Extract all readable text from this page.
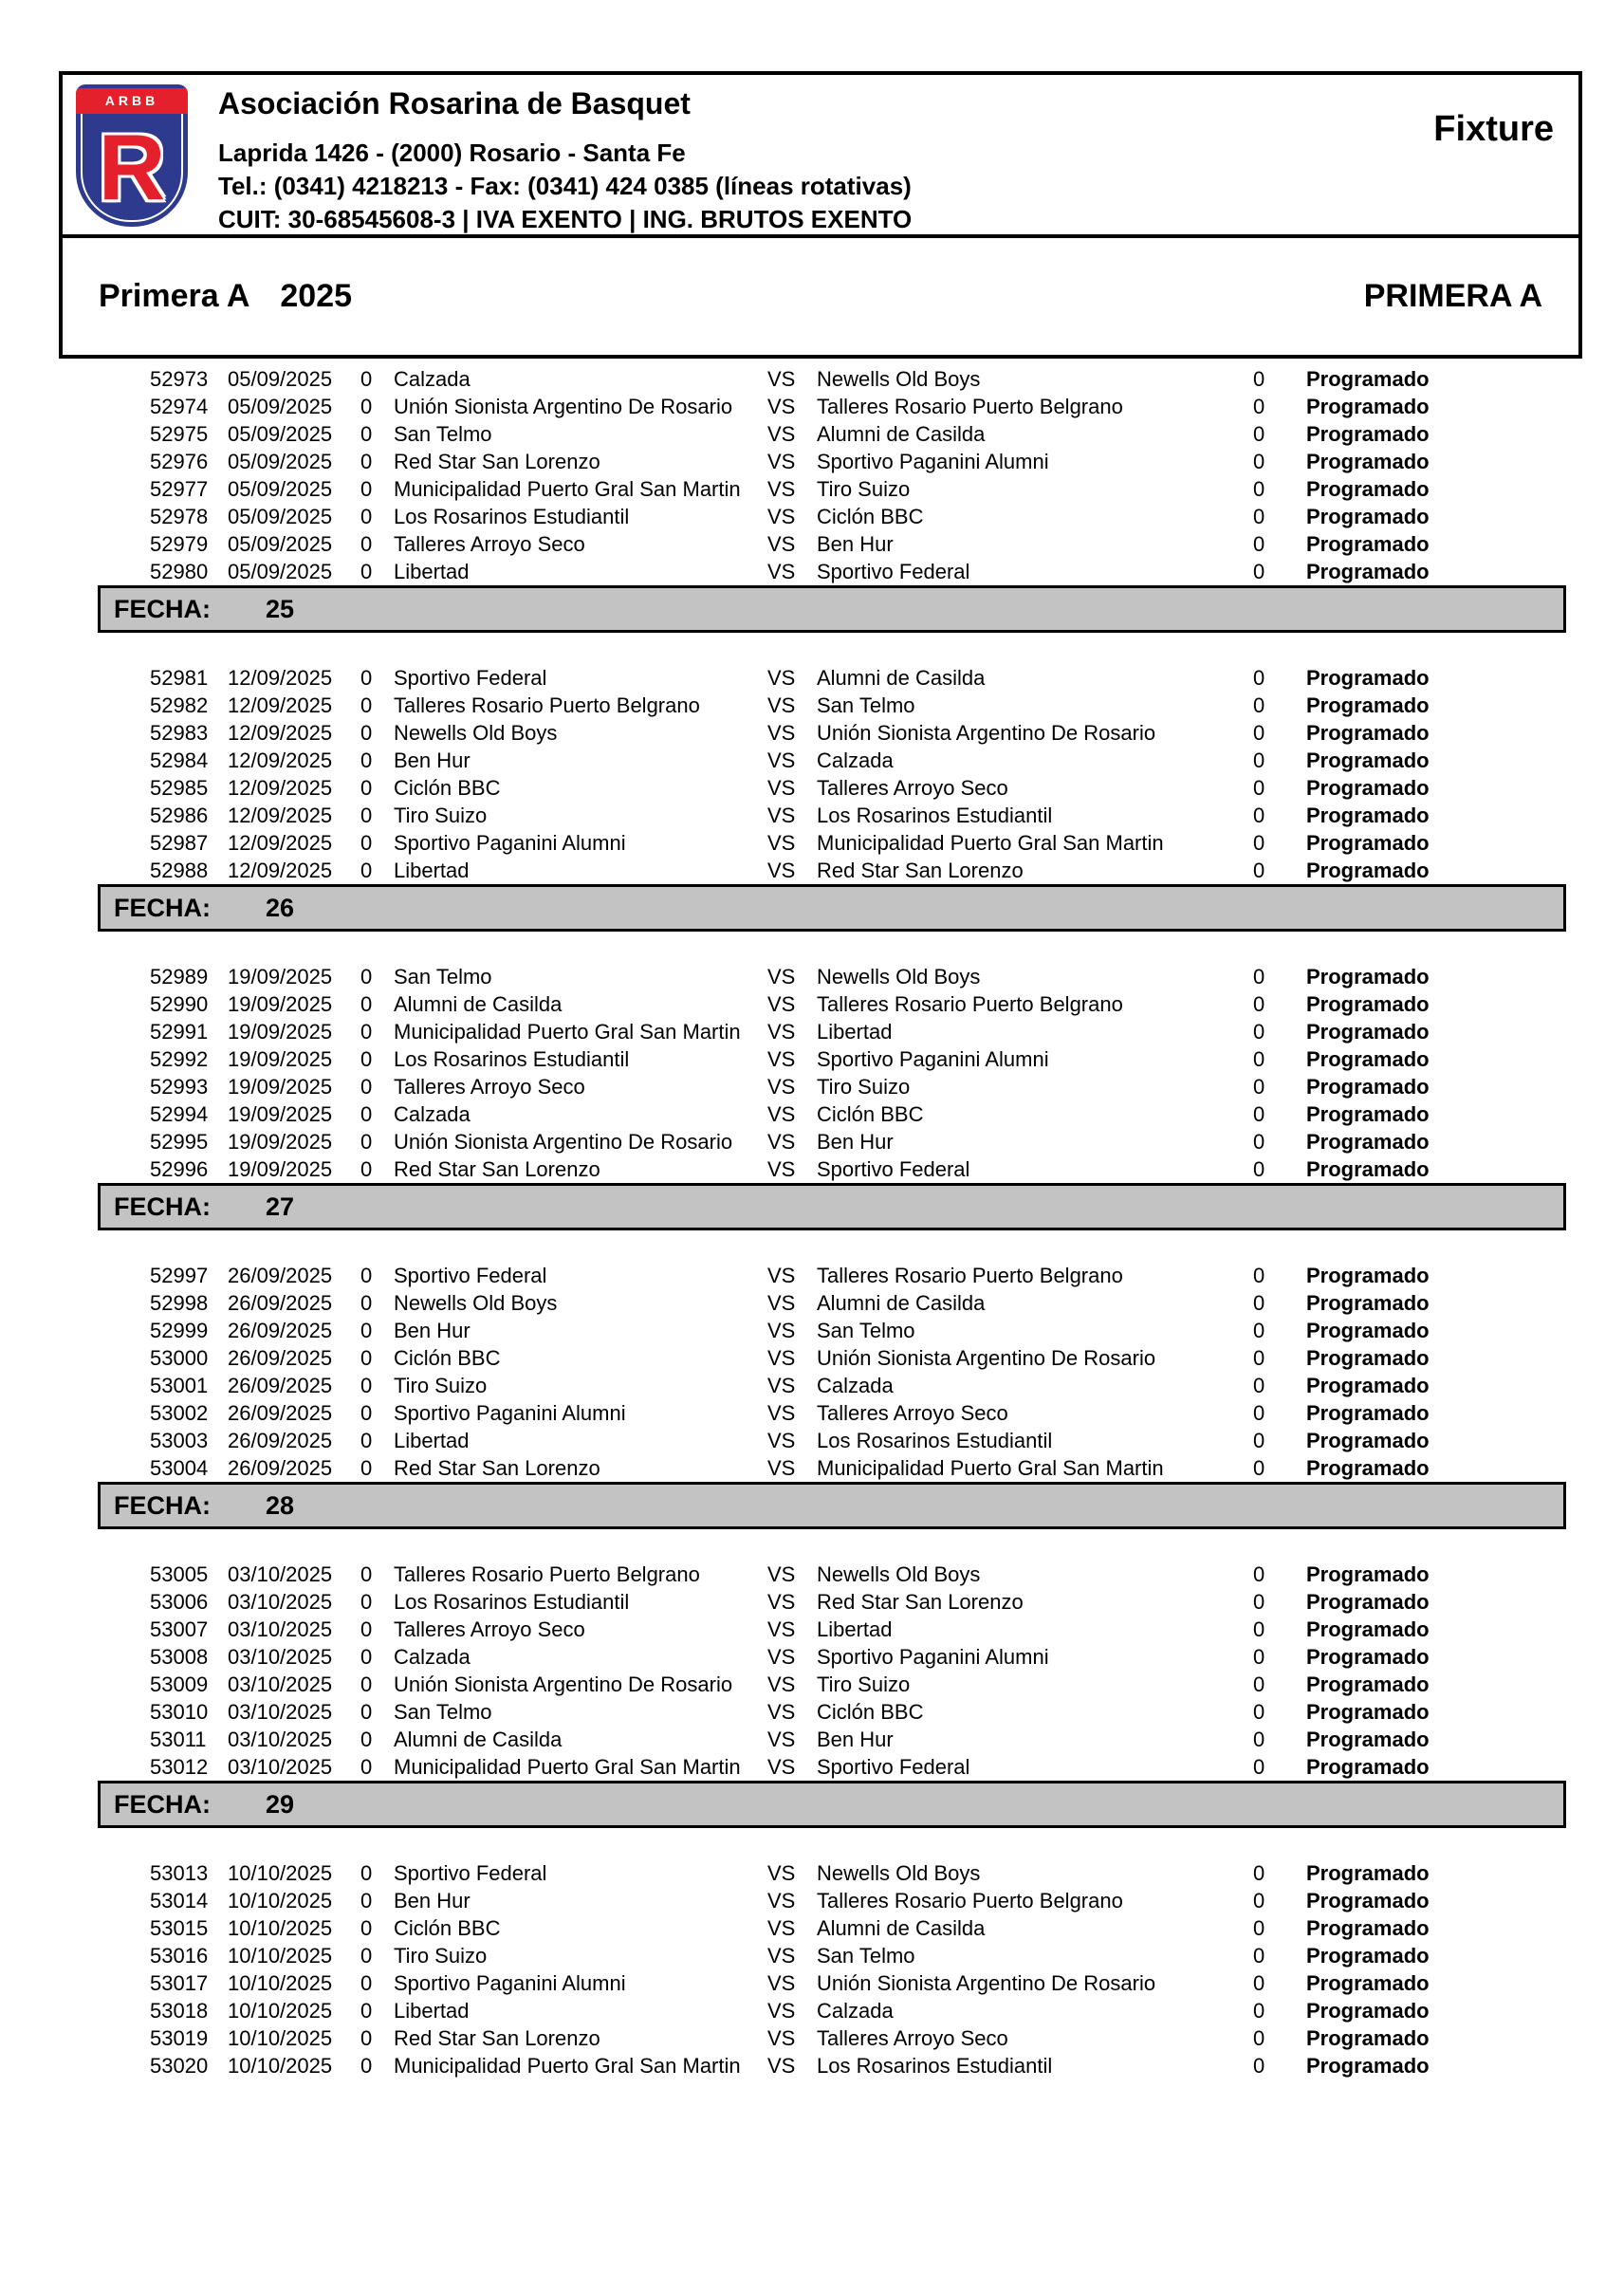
ARBB
R
Asociación Rosarina de Basquet
Laprida 1426 - (2000) Rosario - Santa Fe
Tel.: (0341) 4218213 - Fax: (0341) 424 0385 (líneas rotativas)
CUIT: 30-68545608-3 | IVA EXENTO | ING. BRUTOS EXENTO
Fixture
Primera A 2025	PRIMERA A
52973 05/09/2025	0	Calzada	VS	Newells Old Boys	0	Programado
52974 05/09/2025	0	Unión Sionista Argentino De Rosario	VS	Talleres Rosario Puerto Belgrano	0	Programado
52975 05/09/2025	0	San Telmo	VS	Alumni de Casilda	0	Programado
52976 05/09/2025	0	Red Star San Lorenzo	VS	Sportivo Paganini Alumni	0	Programado
52977 05/09/2025	0	Municipalidad Puerto Gral San Martin	VS	Tiro Suizo	0	Programado
52978 05/09/2025	0	Los Rosarinos Estudiantil	VS	Ciclón BBC	0	Programado
52979 05/09/2025	0	Talleres Arroyo Seco	VS	Ben Hur	0	Programado
52980 05/09/2025	0	Libertad	VS	Sportivo Federal	0	Programado
FECHA: 25
52981 12/09/2025	0	Sportivo Federal	VS	Alumni de Casilda	0	Programado
52982 12/09/2025	0	Talleres Rosario Puerto Belgrano	VS	San Telmo	0	Programado
52983 12/09/2025	0	Newells Old Boys	VS	Unión Sionista Argentino De Rosario	0	Programado
52984 12/09/2025	0	Ben Hur	VS	Calzada	0	Programado
52985 12/09/2025	0	Ciclón BBC	VS	Talleres Arroyo Seco	0	Programado
52986 12/09/2025	0	Tiro Suizo	VS	Los Rosarinos Estudiantil	0	Programado
52987 12/09/2025	0	Sportivo Paganini Alumni	VS	Municipalidad Puerto Gral San Martin	0	Programado
52988 12/09/2025	0	Libertad	VS	Red Star San Lorenzo	0	Programado
FECHA: 26
52989 19/09/2025	0	San Telmo	VS	Newells Old Boys	0	Programado
52990 19/09/2025	0	Alumni de Casilda	VS	Talleres Rosario Puerto Belgrano	0	Programado
52991 19/09/2025	0	Municipalidad Puerto Gral San Martin	VS	Libertad	0	Programado
52992 19/09/2025	0	Los Rosarinos Estudiantil	VS	Sportivo Paganini Alumni	0	Programado
52993 19/09/2025	0	Talleres Arroyo Seco	VS	Tiro Suizo	0	Programado
52994 19/09/2025	0	Calzada	VS	Ciclón BBC	0	Programado
52995 19/09/2025	0	Unión Sionista Argentino De Rosario	VS	Ben Hur	0	Programado
52996 19/09/2025	0	Red Star San Lorenzo	VS	Sportivo Federal	0	Programado
FECHA: 27
52997 26/09/2025	0	Sportivo Federal	VS	Talleres Rosario Puerto Belgrano	0	Programado
52998 26/09/2025	0	Newells Old Boys	VS	Alumni de Casilda	0	Programado
52999 26/09/2025	0	Ben Hur	VS	San Telmo	0	Programado
53000 26/09/2025	0	Ciclón BBC	VS	Unión Sionista Argentino De Rosario	0	Programado
53001 26/09/2025	0	Tiro Suizo	VS	Calzada	0	Programado
53002 26/09/2025	0	Sportivo Paganini Alumni	VS	Talleres Arroyo Seco	0	Programado
53003 26/09/2025	0	Libertad	VS	Los Rosarinos Estudiantil	0	Programado
53004 26/09/2025	0	Red Star San Lorenzo	VS	Municipalidad Puerto Gral San Martin	0	Programado
FECHA: 28
53005 03/10/2025	0	Talleres Rosario Puerto Belgrano	VS	Newells Old Boys	0	Programado
53006 03/10/2025	0	Los Rosarinos Estudiantil	VS	Red Star San Lorenzo	0	Programado
53007 03/10/2025	0	Talleres Arroyo Seco	VS	Libertad	0	Programado
53008 03/10/2025	0	Calzada	VS	Sportivo Paganini Alumni	0	Programado
53009 03/10/2025	0	Unión Sionista Argentino De Rosario	VS	Tiro Suizo	0	Programado
53010 03/10/2025	0	San Telmo	VS	Ciclón BBC	0	Programado
53011	03/10/2025	0	Alumni de Casilda	VS	Ben Hur	0	Programado
53012 03/10/2025	0	Municipalidad Puerto Gral San Martin	VS	Sportivo Federal	0	Programado
FECHA: 29
53013 10/10/2025	0	Sportivo Federal	VS	Newells Old Boys	0	Programado
53014 10/10/2025	0	Ben Hur	VS	Talleres Rosario Puerto Belgrano	0	Programado
53015 10/10/2025	0	Ciclón BBC	VS	Alumni de Casilda	0	Programado
53016 10/10/2025	0	Tiro Suizo	VS	San Telmo	0	Programado
53017 10/10/2025	0	Sportivo Paganini Alumni	VS	Unión Sionista Argentino De Rosario	0	Programado
53018 10/10/2025	0	Libertad	VS	Calzada	0	Programado
53019 10/10/2025	0	Red Star San Lorenzo	VS	Talleres Arroyo Seco	0	Programado
53020 10/10/2025	0	Municipalidad Puerto Gral San Martin	VS	Los Rosarinos Estudiantil	0	Programado
